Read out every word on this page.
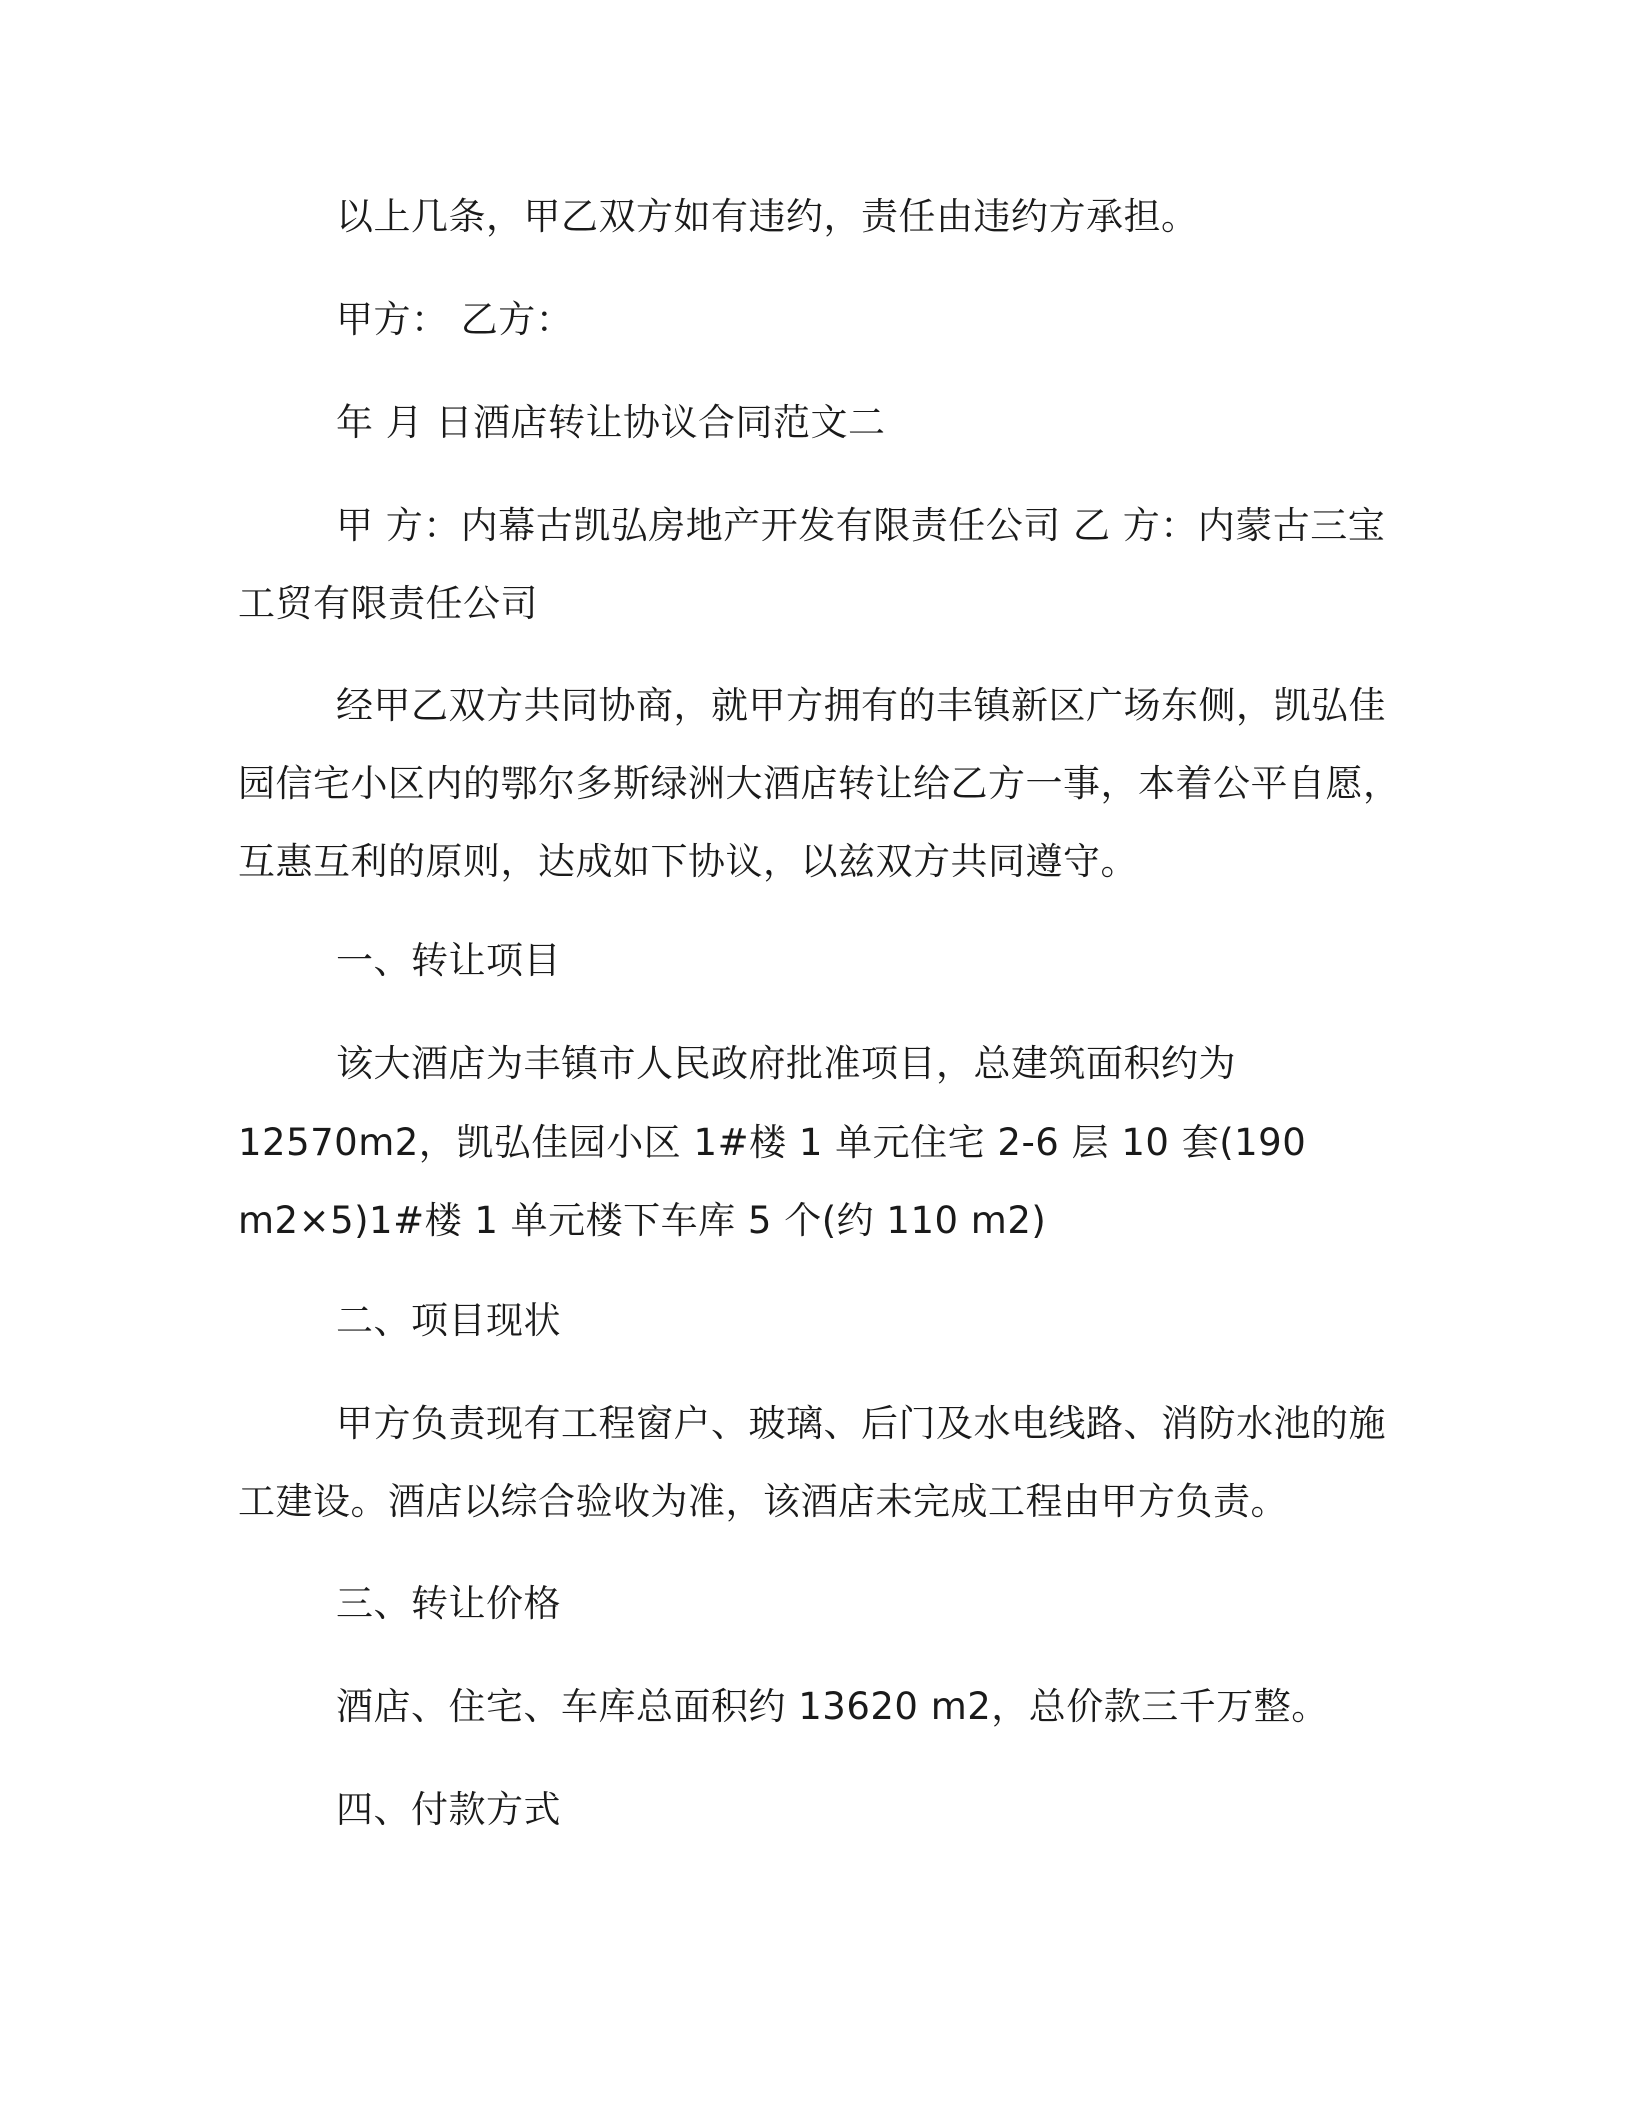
以上几条，甲乙双方如有违约，责任由违约方承担。

甲方： 乙方：

年 月 日酒店转让协议合同范文二

甲 方：内幕古凯弘房地产开发有限责任公司 乙 方：内蒙古三宝
工贸有限责任公司

经甲乙双方共同协商，就甲方拥有的丰镇新区广场东侧，凯弘佳
园信宅小区内的鄂尔多斯绿洲大酒店转让给乙方一事，本着公平自愿，
互惠互利的原则，达成如下协议，以兹双方共同遵守。

一、转让项目

该大酒店为丰镇市人民政府批准项目，总建筑面积约为

12570m2，凯弘佳园小区 1#楼 1 单元住宅 2-6 层 10 套(190
m2×5)1#楼 1 单元楼下车库 5 个(约 110 m2)

二、项目现状

甲方负责现有工程窗户、玻璃、后门及水电线路、消防水池的施
工建设。酒店以综合验收为准，该酒店未完成工程由甲方负责。

三、转让价格

酒店、住宅、车库总面积约 13620 m2，总价款三千万整。

四、付款方式
